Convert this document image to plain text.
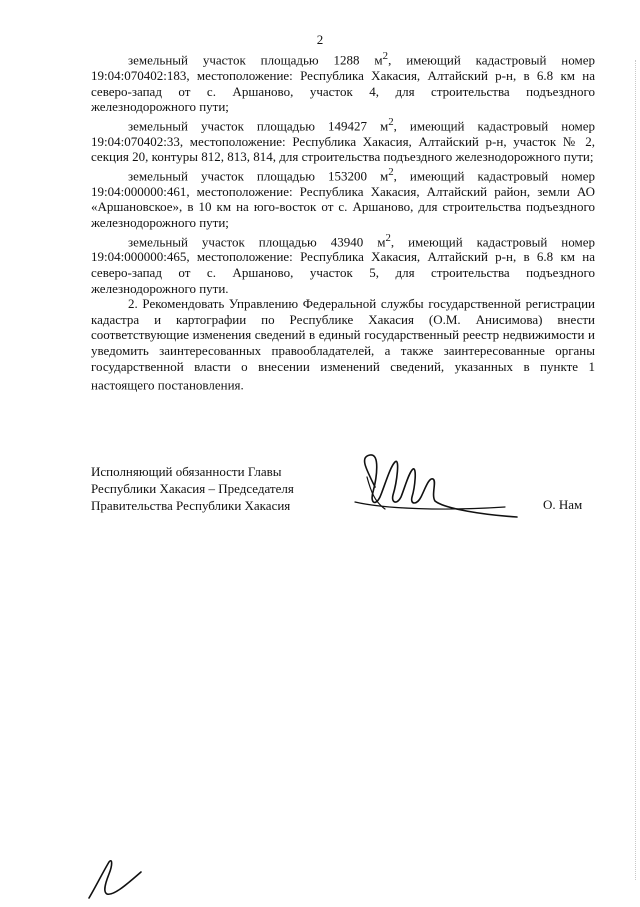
2

земельный участок площадью 1288 $м^2$, имеющий кадастровый номер 19:04:070402:183, местоположение: Республика Хакасия, Алтайский р-н, в 6.8 км на северо-запад от с. Аршаново, участок 4, для строительства подъездного железнодорожного пути;

земельный участок площадью 149427 $м^2$, имеющий кадастровый номер 19:04:070402:33, местоположение: Республика Хакасия, Алтайский р-н, участок № 2, секция 20, контуры 812, 813, 814, для строительства подъездного железнодорожного пути;

земельный участок площадью 153200 $м^2$, имеющий кадастровый номер 19:04:000000:461, местоположение: Республика Хакасия, Алтайский район, земли АО «Аршановское», в 10 км на юго-восток от с. Аршаново, для строительства подъездного железнодорожного пути;

земельный участок площадью 43940 $м^2$, имеющий кадастровый номер 19:04:000000:465, местоположение: Республика Хакасия, Алтайский р-н, в 6.8 км на северо-запад от с. Аршаново, участок 5, для строительства подъездного железнодорожного пути.

2. Рекомендовать Управлению Федеральной службы государственной регистрации кадастра и картографии по Республике Хакасия (О.М. Анисимова) внести соответствующие изменения сведений в единый государственный реестр недвижимости и уведомить заинтересованных правообладателей, а также заинтересованные органы государственной власти о внесении изменений сведений, указанных в пункте 1 настоящего постановления.

Исполняющий обязанности Главы
Республики Хакасия – Председателя
Правительства Республики Хакасия	О. Нам
